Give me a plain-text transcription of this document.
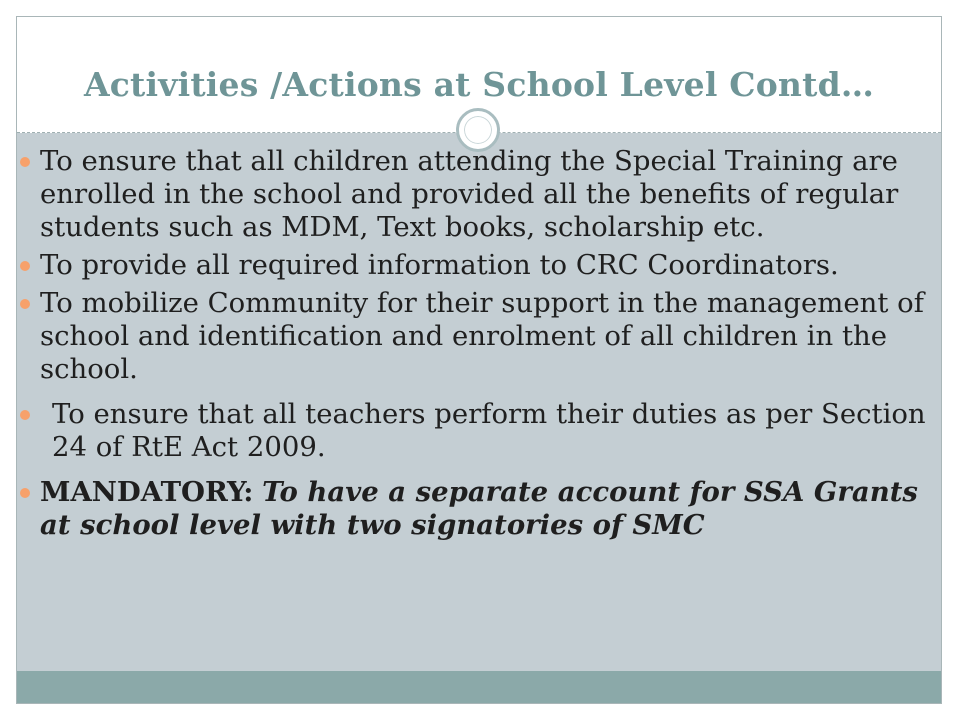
Activities /Actions at School Level Contd…
To ensure that all children attending the Special Training are enrolled in the school and provided all the benefits of regular students such as MDM, Text books, scholarship etc.
To provide all required information to CRC Coordinators.
To mobilize Community for their support in the management of school and identification and enrolment of all children in the school.
To ensure that all teachers perform their duties as per Section 24 of RtE Act 2009.
MANDATORY: To have a separate account for SSA Grants at school level with two signatories of SMC
